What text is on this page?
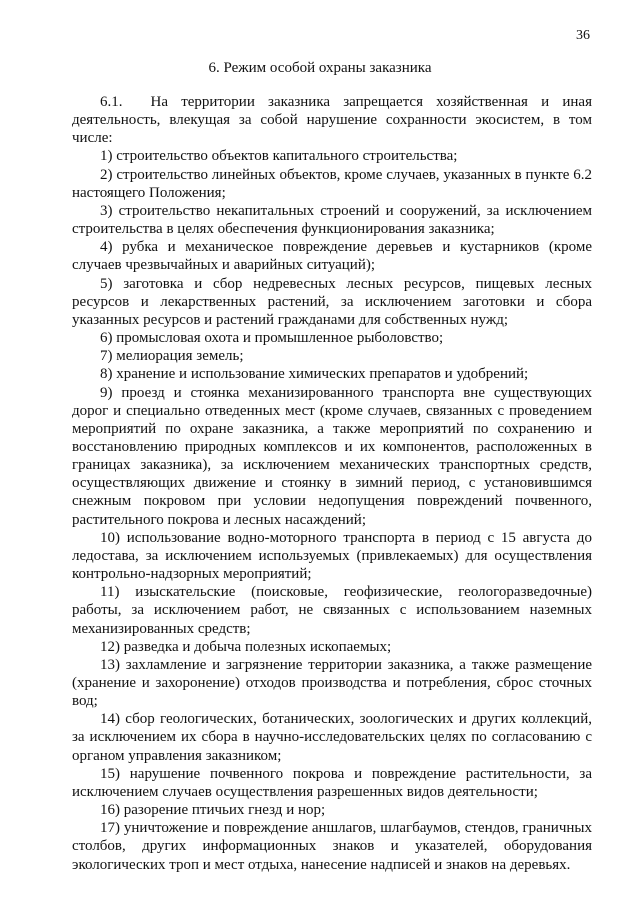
36
6. Режим особой охраны заказника

6.1. На территории заказника запрещается хозяйственная и иная деятельность, влекущая за собой нарушение сохранности экосистем, в том числе:

1) строительство объектов капитального строительства;

2) строительство линейных объектов, кроме случаев, указанных в пункте 6.2 настоящего Положения;

3) строительство некапитальных строений и сооружений, за исключением строительства в целях обеспечения функционирования заказника;

4) рубка и механическое повреждение деревьев и кустарников (кроме случаев чрезвычайных и аварийных ситуаций);

5) заготовка и сбор недревесных лесных ресурсов, пищевых лесных ресурсов и лекарственных растений, за исключением заготовки и сбора указанных ресурсов и растений гражданами для собственных нужд;

6) промысловая охота и промышленное рыболовство;

7) мелиорация земель;

8) хранение и использование химических препаратов и удобрений;

9) проезд и стоянка механизированного транспорта вне существующих дорог и специально отведенных мест (кроме случаев, связанных с проведением мероприятий по охране заказника, а также мероприятий по сохранению и восстановлению природных комплексов и их компонентов, расположенных в границах заказника), за исключением механических транспортных средств, осуществляющих движение и стоянку в зимний период, с установившимся снежным покровом при условии недопущения повреждений почвенного, растительного покрова и лесных насаждений;

10) использование водно-моторного транспорта в период с 15 августа до ледостава, за исключением используемых (привлекаемых) для осуществления контрольно-надзорных мероприятий;

11) изыскательские (поисковые, геофизические, геологоразведочные) работы, за исключением работ, не связанных с использованием наземных механизированных средств;

12) разведка и добыча полезных ископаемых;

13) захламление и загрязнение территории заказника, а также размещение (хранение и захоронение) отходов производства и потребления, сброс сточных вод;

14) сбор геологических, ботанических, зоологических и других коллекций, за исключением их сбора в научно-исследовательских целях по согласованию с органом управления заказником;

15) нарушение почвенного покрова и повреждение растительности, за исключением случаев осуществления разрешенных видов деятельности;

16) разорение птичьих гнезд и нор;

17) уничтожение и повреждение аншлагов, шлагбаумов, стендов, граничных столбов, других информационных знаков и указателей, оборудования экологических троп и мест отдыха, нанесение надписей и знаков на деревьях.
